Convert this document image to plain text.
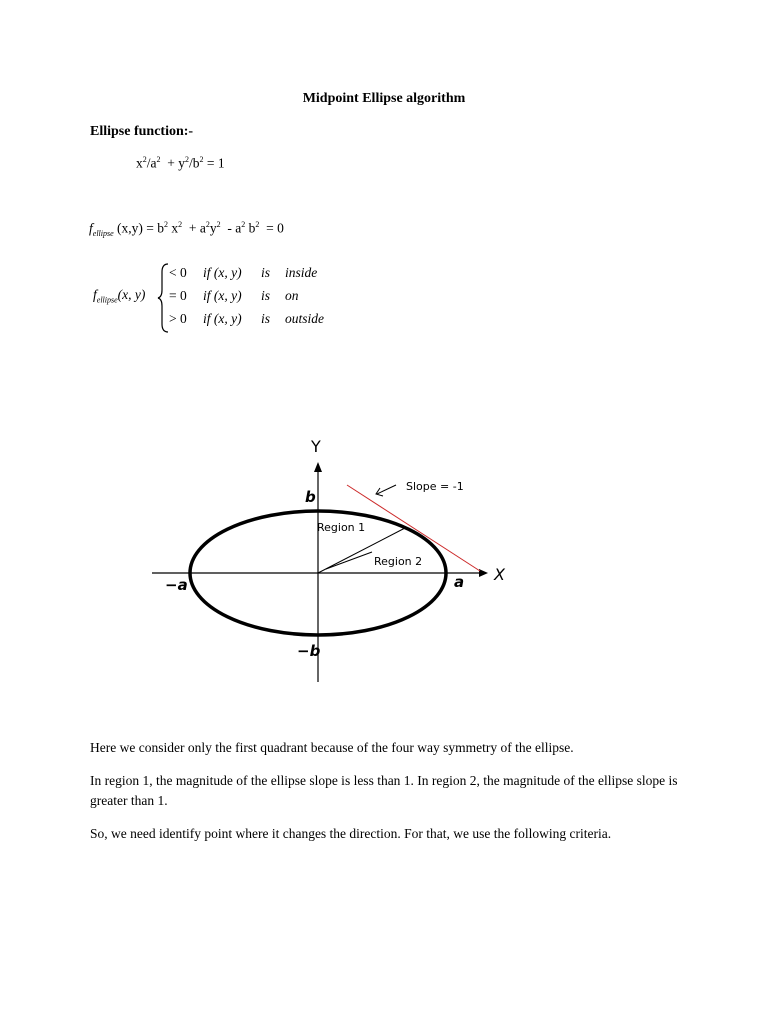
Midpoint Ellipse algorithm
Ellipse function:-
$x^2/a^2 + y^2/b^2 = 1$
$f_{ellipse}$ $(x,y) = b^2$ $x^2 + a^2y^2 - a^2$ $b^2 = 0$
$f_{ellipse}(x$, y)
< 0 if (x, y) is inside
= 0 if (x, y) is on
> 0 if (x, y) is outside
Y
X
b
−b
a
−a
Region 1
Region 2
Slope = -1
Here we consider only the first quadrant because of the four way symmetry of the ellipse.
In region 1, the magnitude of the ellipse slope is less than 1. In region 2, the magnitude of the ellipse slope is greater than 1.
So, we need identify point where it changes the direction. For that, we use the following criteria.
